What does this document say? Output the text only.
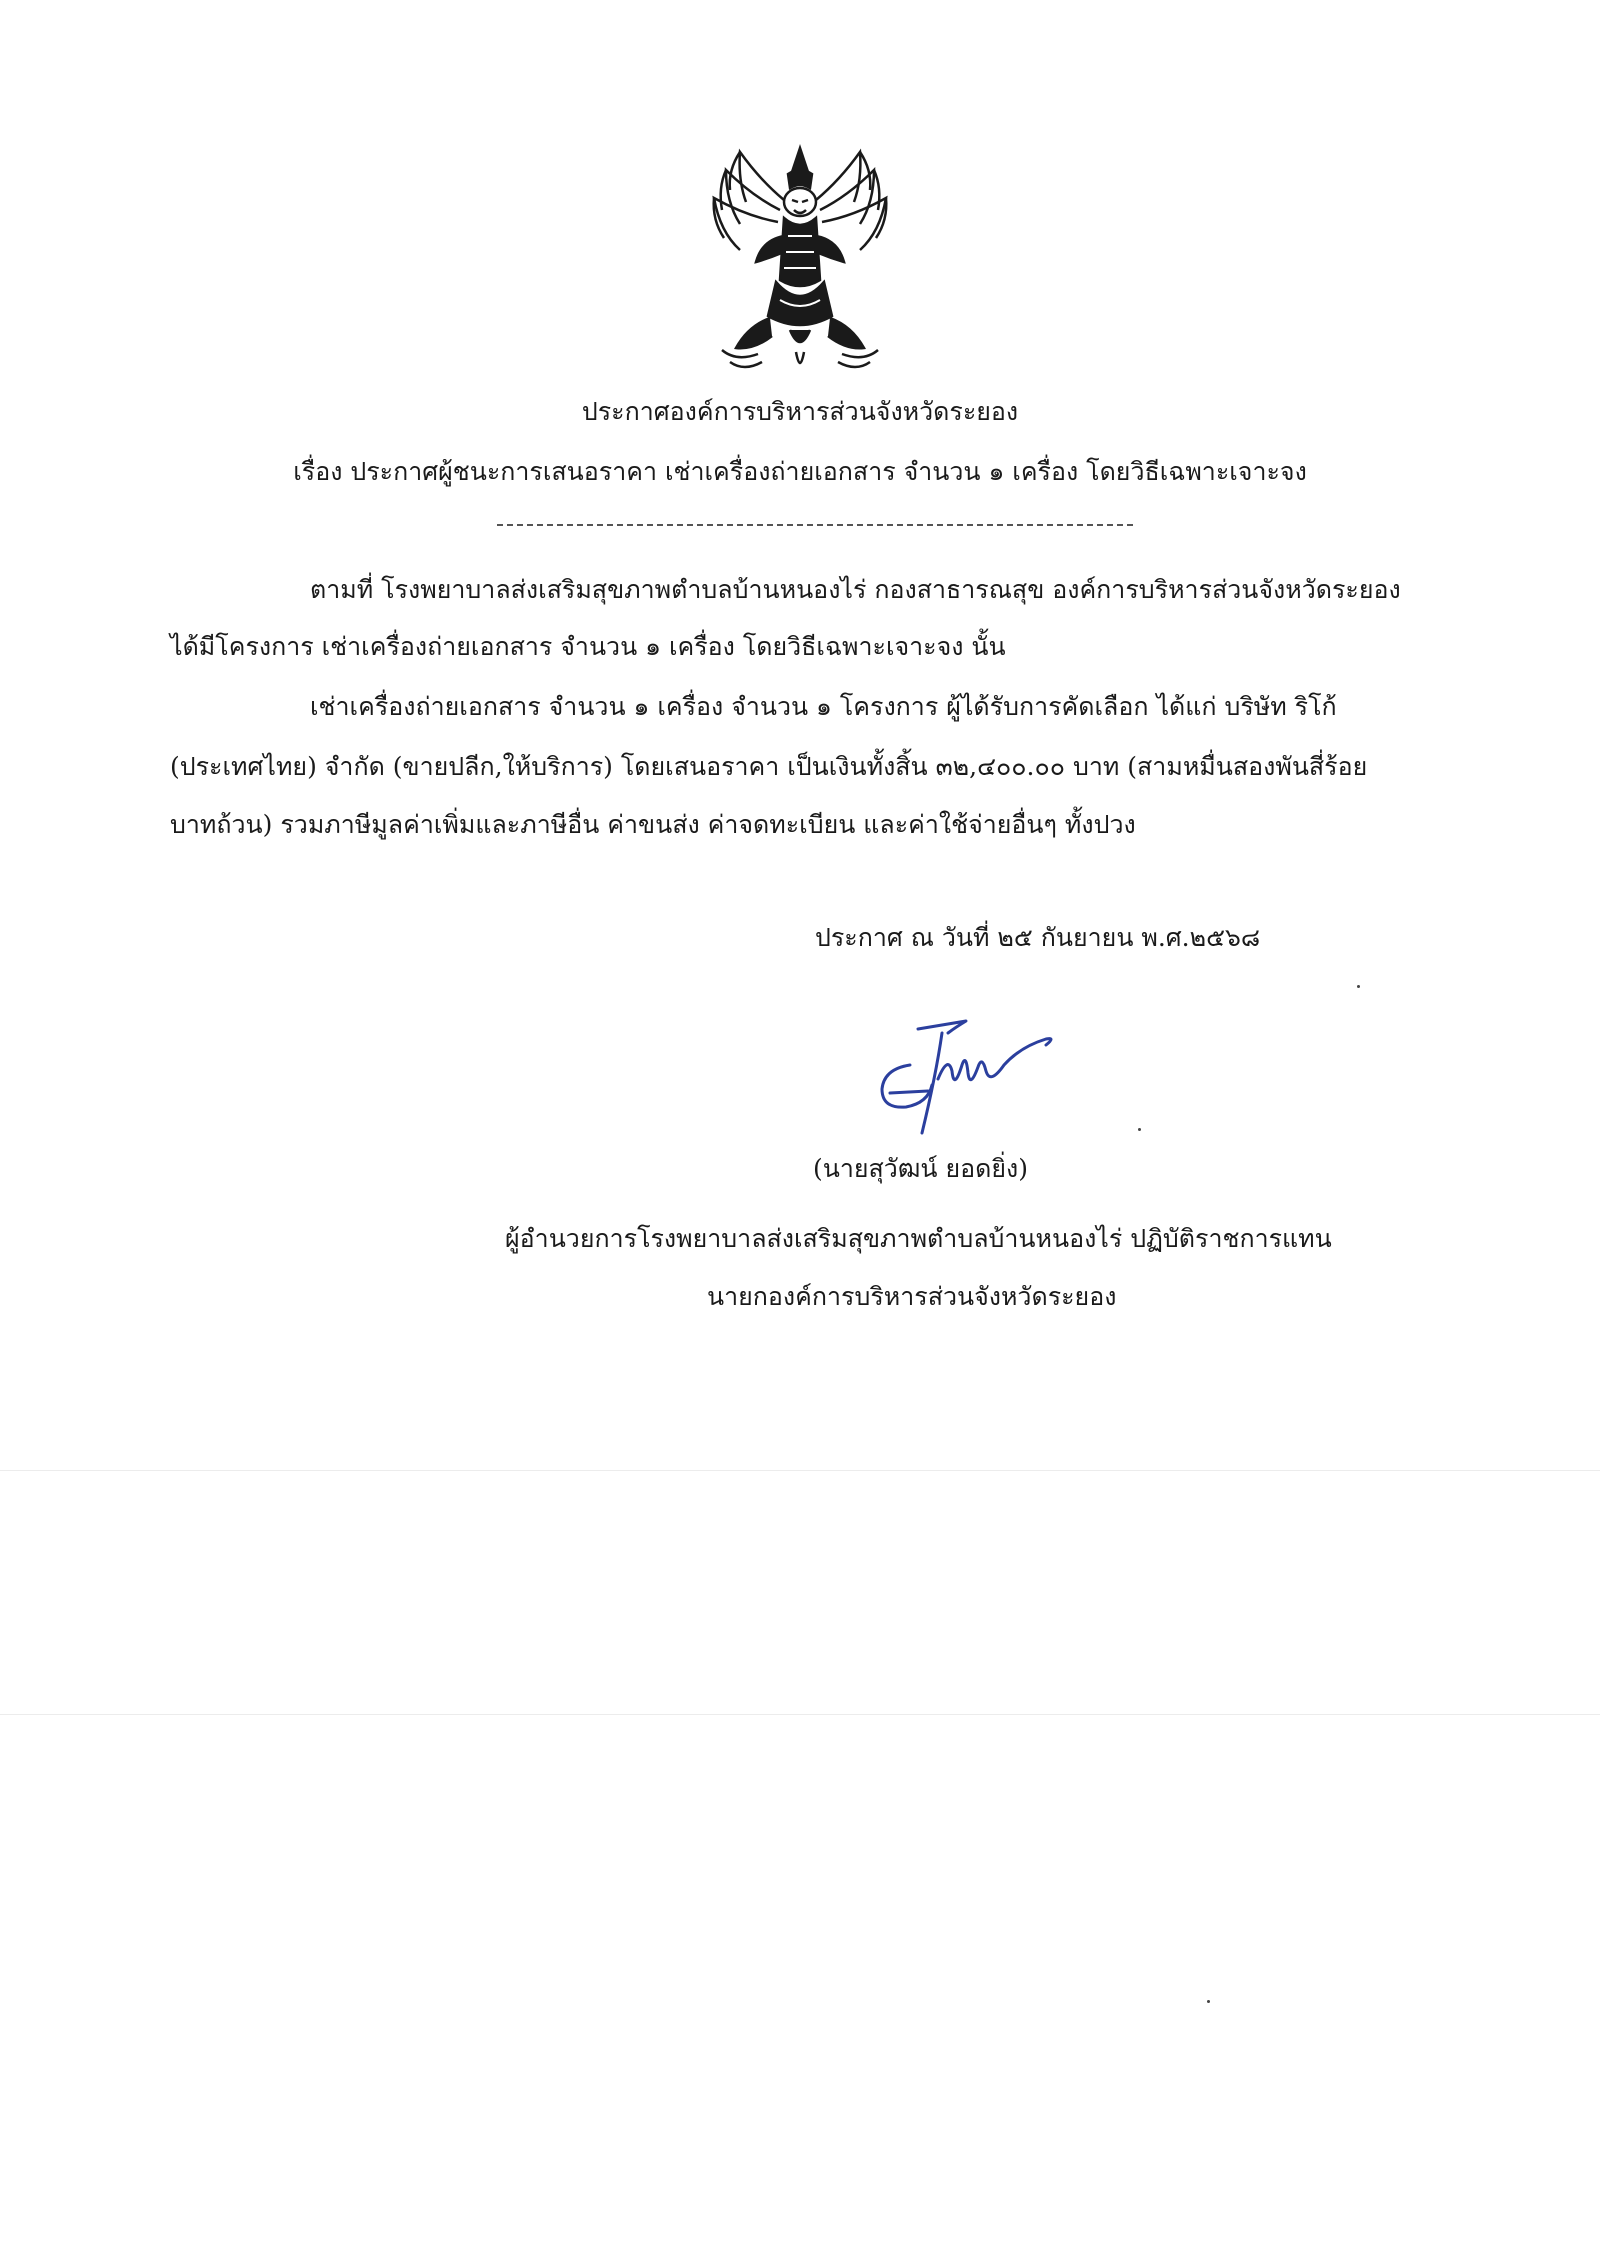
ประกาศองค์การบริหารส่วนจังหวัดระยอง
เรื่อง ประกาศผู้ชนะการเสนอราคา เช่าเครื่องถ่ายเอกสาร จำนวน ๑ เครื่อง โดยวิธีเฉพาะเจาะจง
ตามที่ โรงพยาบาลส่งเสริมสุขภาพตำบลบ้านหนองไร่ กองสาธารณสุข องค์การบริหารส่วนจังหวัดระยอง
ได้มีโครงการ เช่าเครื่องถ่ายเอกสาร จำนวน ๑ เครื่อง โดยวิธีเฉพาะเจาะจง นั้น
เช่าเครื่องถ่ายเอกสาร จำนวน ๑ เครื่อง จำนวน ๑ โครงการ ผู้ได้รับการคัดเลือก ได้แก่ บริษัท ริโก้
(ประเทศไทย) จำกัด (ขายปลีก,ให้บริการ) โดยเสนอราคา เป็นเงินทั้งสิ้น ๓๒,๔๐๐.๐๐ บาท (สามหมื่นสองพันสี่ร้อย
บาทถ้วน) รวมภาษีมูลค่าเพิ่มและภาษีอื่น ค่าขนส่ง ค่าจดทะเบียน และค่าใช้จ่ายอื่นๆ ทั้งปวง
ประกาศ ณ วันที่ ๒๕ กันยายน พ.ศ.๒๕๖๘
(นายสุวัฒน์ ยอดยิ่ง)
ผู้อำนวยการโรงพยาบาลส่งเสริมสุขภาพตำบลบ้านหนองไร่ ปฏิบัติราชการแทน
นายกองค์การบริหารส่วนจังหวัดระยอง
